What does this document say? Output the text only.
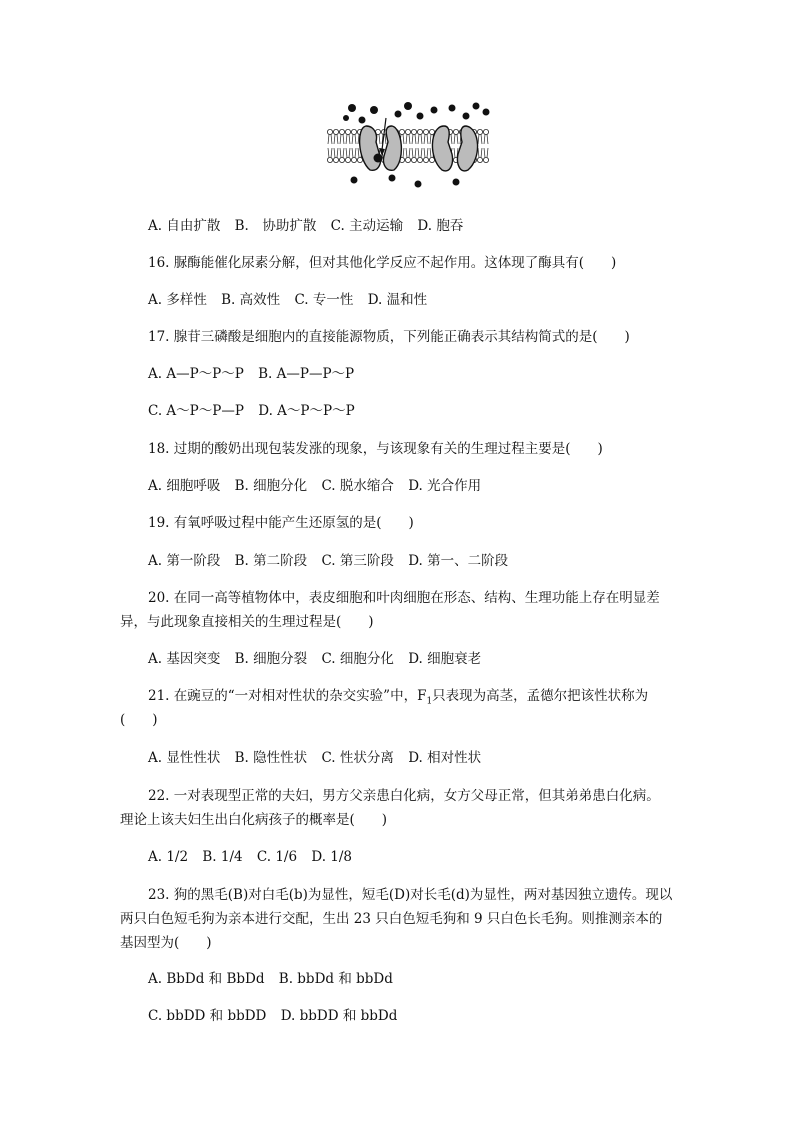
A. 自由扩散 B.　协助扩散 C. 主动运输 D. 胞吞
16. 脲酶能催化尿素分解，但对其他化学反应不起作用。这体现了酶具有(　　)
A. 多样性 B. 高效性 C. 专一性 D. 温和性
17. 腺苷三磷酸是细胞内的直接能源物质，下列能正确表示其结构简式的是(　　)
A. A—P～P～P B. A—P—P～P
C. A～P～P—P D. A～P～P～P
18. 过期的酸奶出现包装发涨的现象，与该现象有关的生理过程主要是(　　)
A. 细胞呼吸 B. 细胞分化 C. 脱水缩合 D. 光合作用
19. 有氧呼吸过程中能产生还原氢的是(　　)
A. 第一阶段 B. 第二阶段 C. 第三阶段 D. 第一、二阶段
20. 在同一高等植物体中，表皮细胞和叶肉细胞在形态、结构、生理功能上存在明显差
异，与此现象直接相关的生理过程是(　　)
A. 基因突变 B. 细胞分裂 C. 细胞分化 D. 细胞衰老
21. 在豌豆的“一对相对性状的杂交实验”中，$F_1$只表现为高茎，孟德尔把该性状称为
(　　)
A. 显性性状 B. 隐性性状 C. 性状分离 D. 相对性状
22. 一对表现型正常的夫妇，男方父亲患白化病，女方父母正常，但其弟弟患白化病。
理论上该夫妇生出白化病孩子的概率是(　　)
A. 1/2 B. 1/4 C. 1/6 D. 1/8
23. 狗的黑毛(B)对白毛(b)为显性，短毛(D)对长毛(d)为显性，两对基因独立遗传。现以
两只白色短毛狗为亲本进行交配，生出 23 只白色短毛狗和 9 只白色长毛狗。则推测亲本的
基因型为(　　)
A. BbDd 和 BbDd B. bbDd 和 bbDd
C. bbDD 和 bbDD D. bbDD 和 bbDd
